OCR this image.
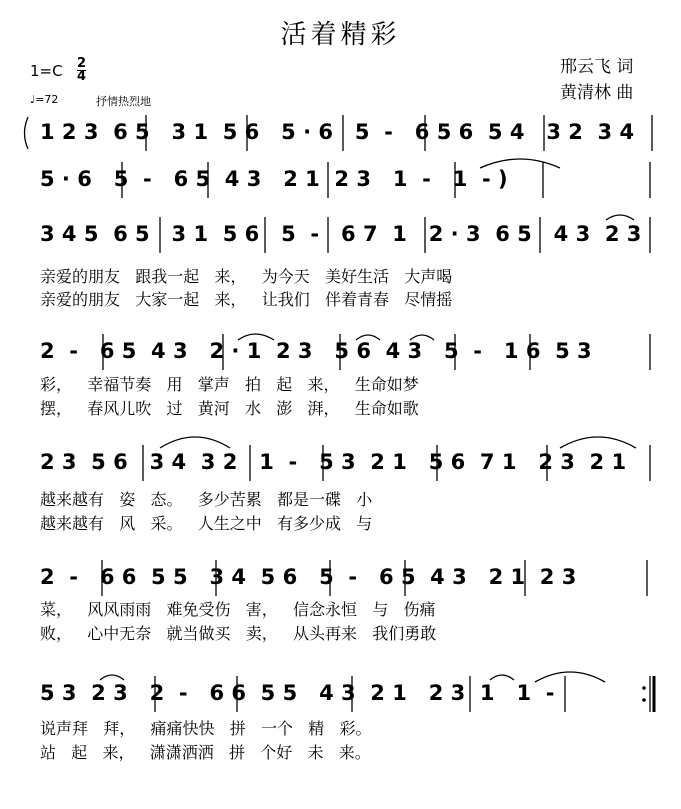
活着精彩
1=C 2
4
♩=72	抒情热烈地
邢云飞 词
黄清林 曲
1 2 3  6 5   3 1  5 6   5 · 6   5  -   6 5 6  5 4   3 2  3 4
5 · 6   5  -   6 5  4 3   2 1  2 3   1  -   1  - )
3 4 5  6 5   3 1  5 6   5  -   6 7  1   2 · 3  6 5   4 3  2 3
亲爱的朋友   跟我一起   来，   为今天   美好生活   大声喝
亲爱的朋友   大家一起   来，   让我们   伴着青春   尽情摇
2  -   6 5  4 3   2 · 1  2 3   5 6  4 3   5  -   1 6  5 3
彩，   幸福节奏   用   掌声   拍   起   来，   生命如梦
摆，   春风儿吹   过   黄河   水   澎   湃，   生命如歌
2 3  5 6   3 4  3 2   1  -   5 3  2 1   5 6  7 1   2 3  2 1
越来越有   姿   态。   多少苦累   都是一碟   小
越来越有   风   采。   人生之中   有多少成   与
2  -   6 6  5 5   3 4  5 6   5  -   6 5  4 3   2 1  2 3
菜，   风风雨雨   难免受伤   害，   信念永恒   与   伤痛
败，   心中无奈   就当做买   卖，   从头再来   我们勇敢
5 3  2 3   2  -   6 6  5 5   4 3  2 1   2 3  1   1  -
说声拜   拜，   痛痛快快   拼   一个   精   彩。
站   起   来，   潇潇洒洒   拼   个好   未   来。
